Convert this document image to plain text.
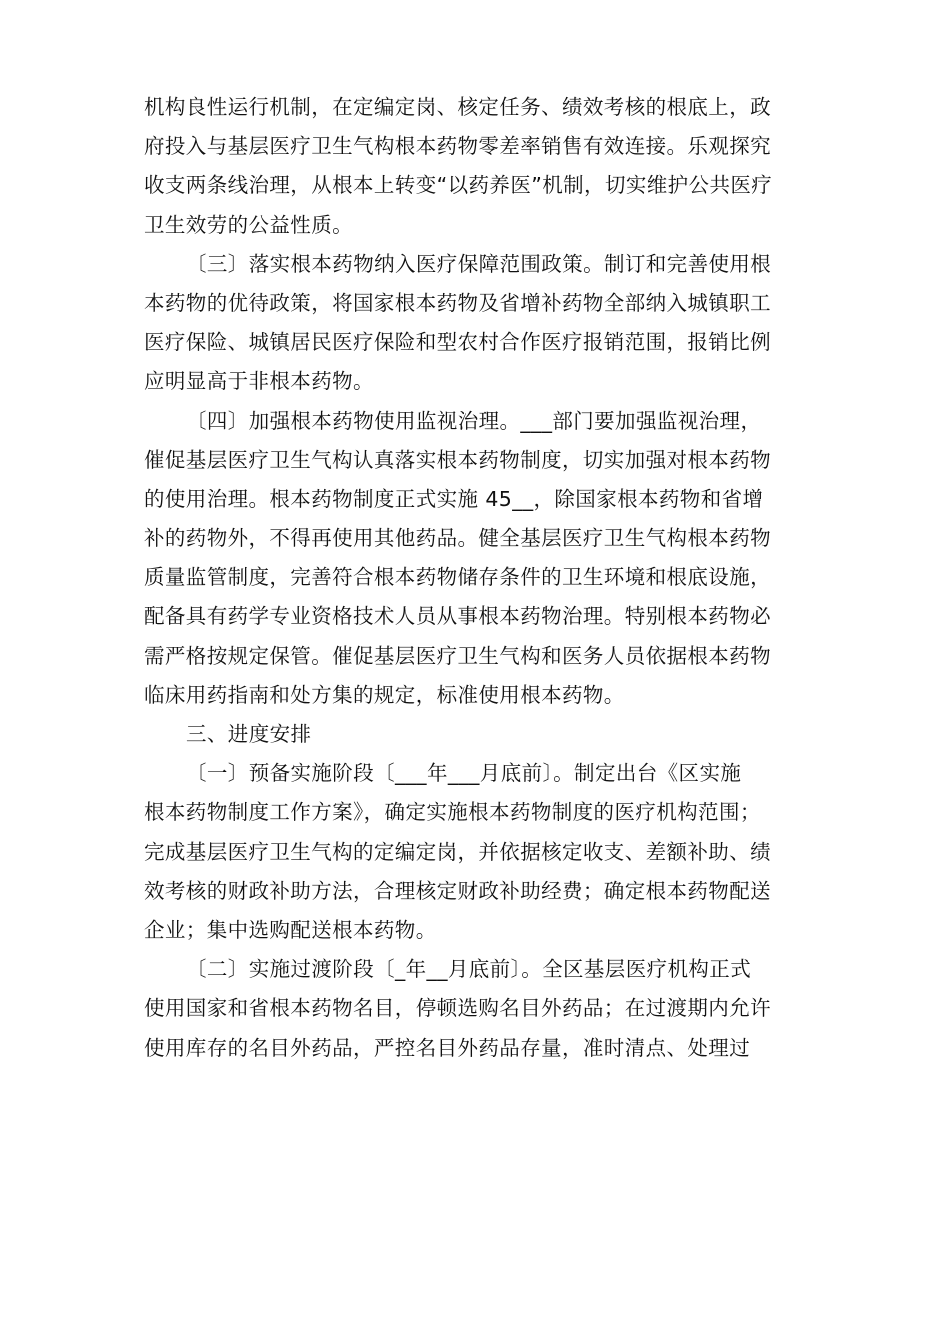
机构良性运行机制，在定编定岗、核定任务、绩效考核的根底上，政
府投入与基层医疗卫生气构根本药物零差率销售有效连接。乐观探究
收支两条线治理，从根本上转变“以药养医”机制，切实维护公共医疗
卫生效劳的公益性质。
〔三〕落实根本药物纳入医疗保障范围政策。制订和完善使用根
本药物的优待政策，将国家根本药物及省增补药物全部纳入城镇职工
医疗保险、城镇居民医疗保险和型农村合作医疗报销范围，报销比例
应明显高于非根本药物。
〔四〕加强根本药物使用监视治理。___部门要加强监视治理，
催促基层医疗卫生气构认真落实根本药物制度，切实加强对根本药物
的使用治理。根本药物制度正式实施 45__，除国家根本药物和省增
补的药物外，不得再使用其他药品。健全基层医疗卫生气构根本药物
质量监管制度，完善符合根本药物储存条件的卫生环境和根底设施，
配备具有药学专业资格技术人员从事根本药物治理。特别根本药物必
需严格按规定保管。催促基层医疗卫生气构和医务人员依据根本药物
临床用药指南和处方集的规定，标准使用根本药物。
三、进度安排
〔一〕预备实施阶段〔___年___月底前〕。制定出台《区实施
根本药物制度工作方案》，确定实施根本药物制度的医疗机构范围；
完成基层医疗卫生气构的定编定岗，并依据核定收支、差额补助、绩
效考核的财政补助方法，合理核定财政补助经费；确定根本药物配送
企业；集中选购配送根本药物。
〔二〕实施过渡阶段〔_年__月底前〕。全区基层医疗机构正式
使用国家和省根本药物名目，停顿选购名目外药品；在过渡期内允许
使用库存的名目外药品，严控名目外药品存量，准时清点、处理过
